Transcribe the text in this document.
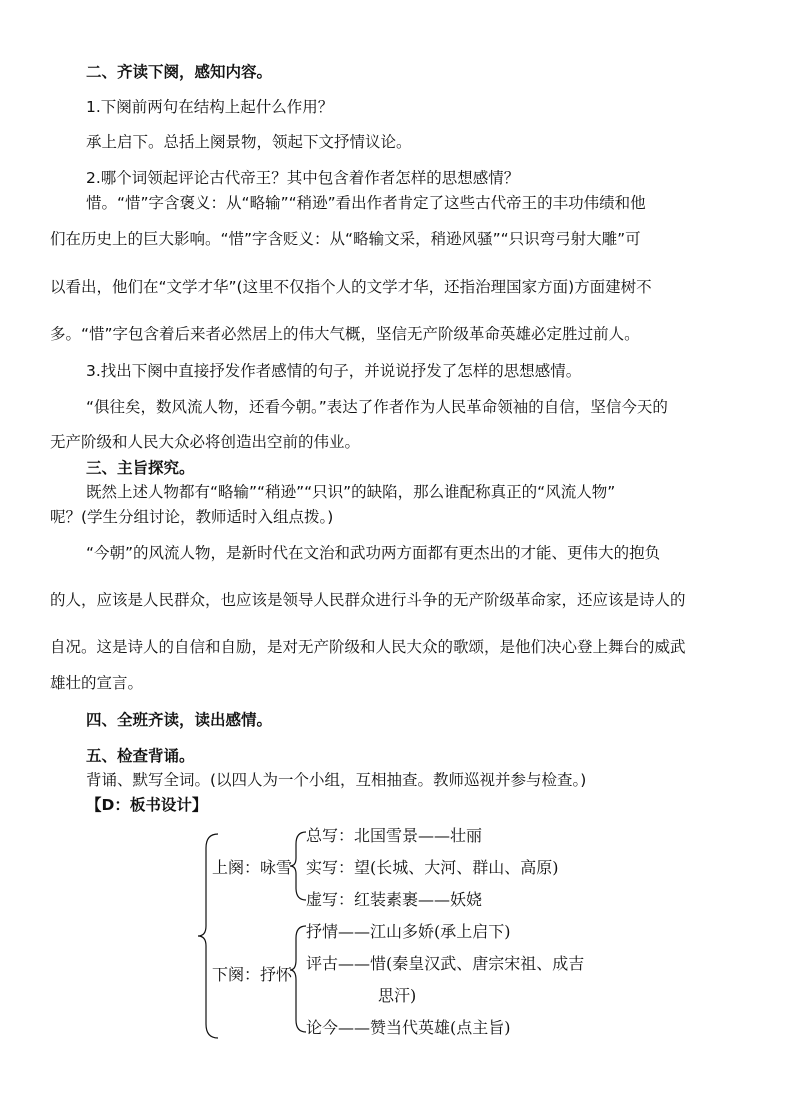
二、齐读下阕，感知内容。
1.下阕前两句在结构上起什么作用？
承上启下。总括上阕景物，领起下文抒情议论。
2.哪个词领起评论古代帝王？其中包含着作者怎样的思想感情？
惜。“惜”字含褒义：从“略输”“稍逊”看出作者肯定了这些古代帝王的丰功伟绩和他
们在历史上的巨大影响。“惜”字含贬义：从“略输文采，稍逊风骚”“只识弯弓射大雕”可
以看出，他们在“文学才华”(这里不仅指个人的文学才华，还指治理国家方面)方面建树不
多。“惜”字包含着后来者必然居上的伟大气概，坚信无产阶级革命英雄必定胜过前人。
3.找出下阕中直接抒发作者感情的句子，并说说抒发了怎样的思想感情。
“俱往矣，数风流人物，还看今朝。”表达了作者作为人民革命领袖的自信，坚信今天的
无产阶级和人民大众必将创造出空前的伟业。
三、主旨探究。
既然上述人物都有“略输”“稍逊”“只识”的缺陷，那么谁配称真正的“风流人物”
呢？(学生分组讨论，教师适时入组点拨。)
“今朝”的风流人物，是新时代在文治和武功两方面都有更杰出的才能、更伟大的抱负
的人，应该是人民群众，也应该是领导人民群众进行斗争的无产阶级革命家，还应该是诗人的
自况。这是诗人的自信和自励，是对无产阶级和人民大众的歌颂，是他们决心登上舞台的威武
雄壮的宣言。
四、全班齐读，读出感情。
五、检查背诵。
背诵、默写全词。(以四人为一个小组，互相抽查。教师巡视并参与检查。)
【D：板书设计】
上阕：咏雪
总写：北国雪景——壮丽
实写：望(长城、大河、群山、高原)
虚写：红装素裹——妖娆
下阕：抒怀
抒情——江山多娇(承上启下)
评古——惜(秦皇汉武、唐宗宋祖、成吉
思汗)
论今——赞当代英雄(点主旨)
